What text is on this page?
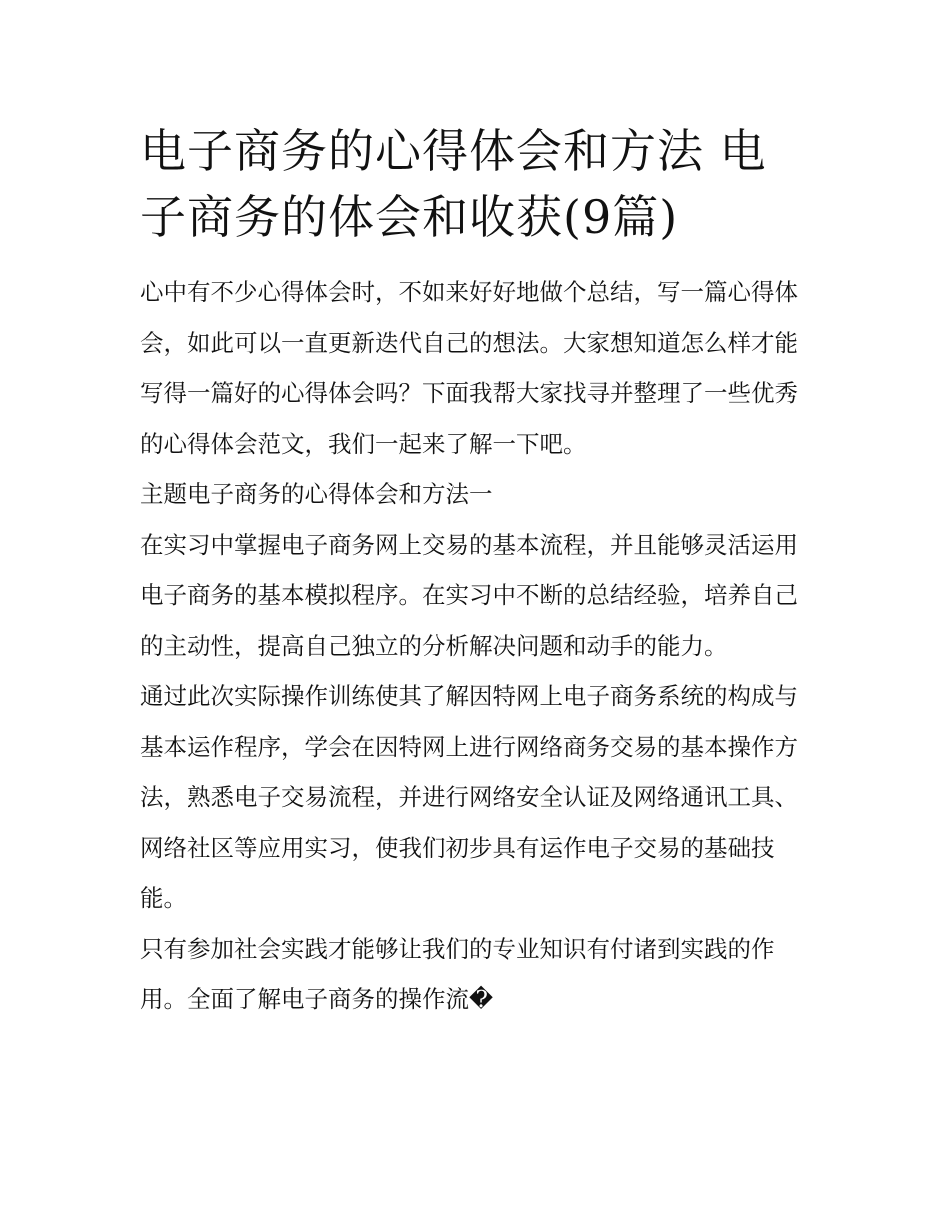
电子商务的心得体会和方法 电子商务的体会和收获(9篇)

心中有不少心得体会时，不如来好好地做个总结，写一篇心得体会，如此可以一直更新迭代自己的想法。大家想知道怎么样才能写得一篇好的心得体会吗？下面我帮大家找寻并整理了一些优秀的心得体会范文，我们一起来了解一下吧。

主题电子商务的心得体会和方法一

在实习中掌握电子商务网上交易的基本流程，并且能够灵活运用电子商务的基本模拟程序。在实习中不断的总结经验，培养自己的主动性，提高自己独立的分析解决问题和动手的能力。

通过此次实际操作训练使其了解因特网上电子商务系统的构成与基本运作程序，学会在因特网上进行网络商务交易的基本操作方法，熟悉电子交易流程，并进行网络安全认证及网络通讯工具、网络社区等应用实习，使我们初步具有运作电子交易的基础技能。

只有参加社会实践才能够让我们的专业知识有付诸到实践的作用。全面了解电子商务的操作流�
